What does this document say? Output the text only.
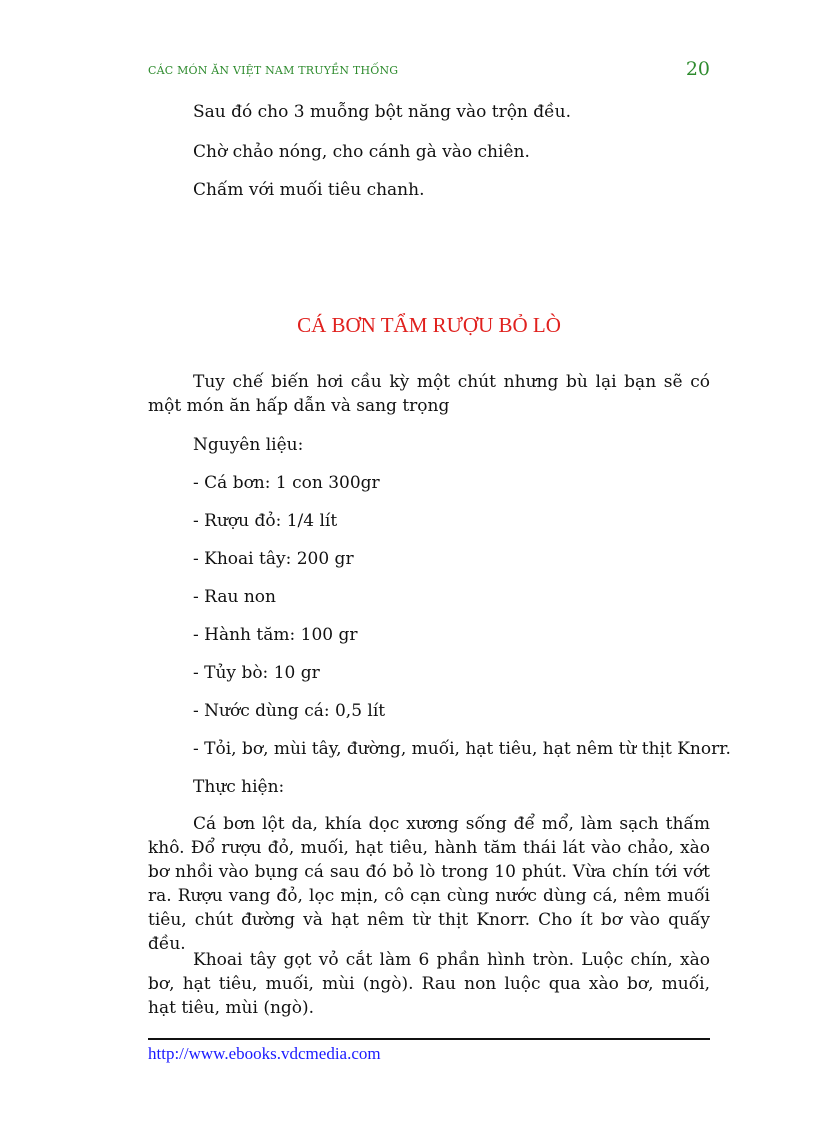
CÁC MÓN ĂN VIỆT NAM TRUYỀN THỐNG	20
Sau đó cho 3 muỗng bột năng vào trộn đều.
Chờ chảo nóng, cho cánh gà vào chiên.
Chấm với muối tiêu chanh.
CÁ BƠN TẨM RƯỢU BỎ LÒ
Tuy chế biến hơi cầu kỳ một chút nhưng bù lại bạn sẽ có một món ăn hấp dẫn và sang trọng
Nguyên liệu:
- Cá bơn: 1 con 300gr
- Rượu đỏ: 1/4 lít
- Khoai tây: 200 gr
- Rau non
- Hành tăm: 100 gr
- Tủy bò: 10 gr
- Nước dùng cá: 0,5 lít
- Tỏi, bơ, mùi tây, đường, muối, hạt tiêu, hạt nêm từ thịt Knorr.
Thực hiện:
Cá bơn lột da, khía dọc xương sống để mổ, làm sạch thấm khô. Đổ rượu đỏ, muối, hạt tiêu, hành tăm thái lát vào chảo, xào bơ nhồi vào bụng cá sau đó bỏ lò trong 10 phút. Vừa chín tới vớt ra. Rượu vang đỏ, lọc mịn, cô cạn cùng nước dùng cá, nêm muối tiêu, chút đường và hạt nêm từ thịt Knorr. Cho ít bơ vào quấy đều.
Khoai tây gọt vỏ cắt làm 6 phần hình tròn. Luộc chín, xào bơ, hạt tiêu, muối, mùi (ngò). Rau non luộc qua xào bơ, muối, hạt tiêu, mùi (ngò).
http://www.ebooks.vdcmedia.com
